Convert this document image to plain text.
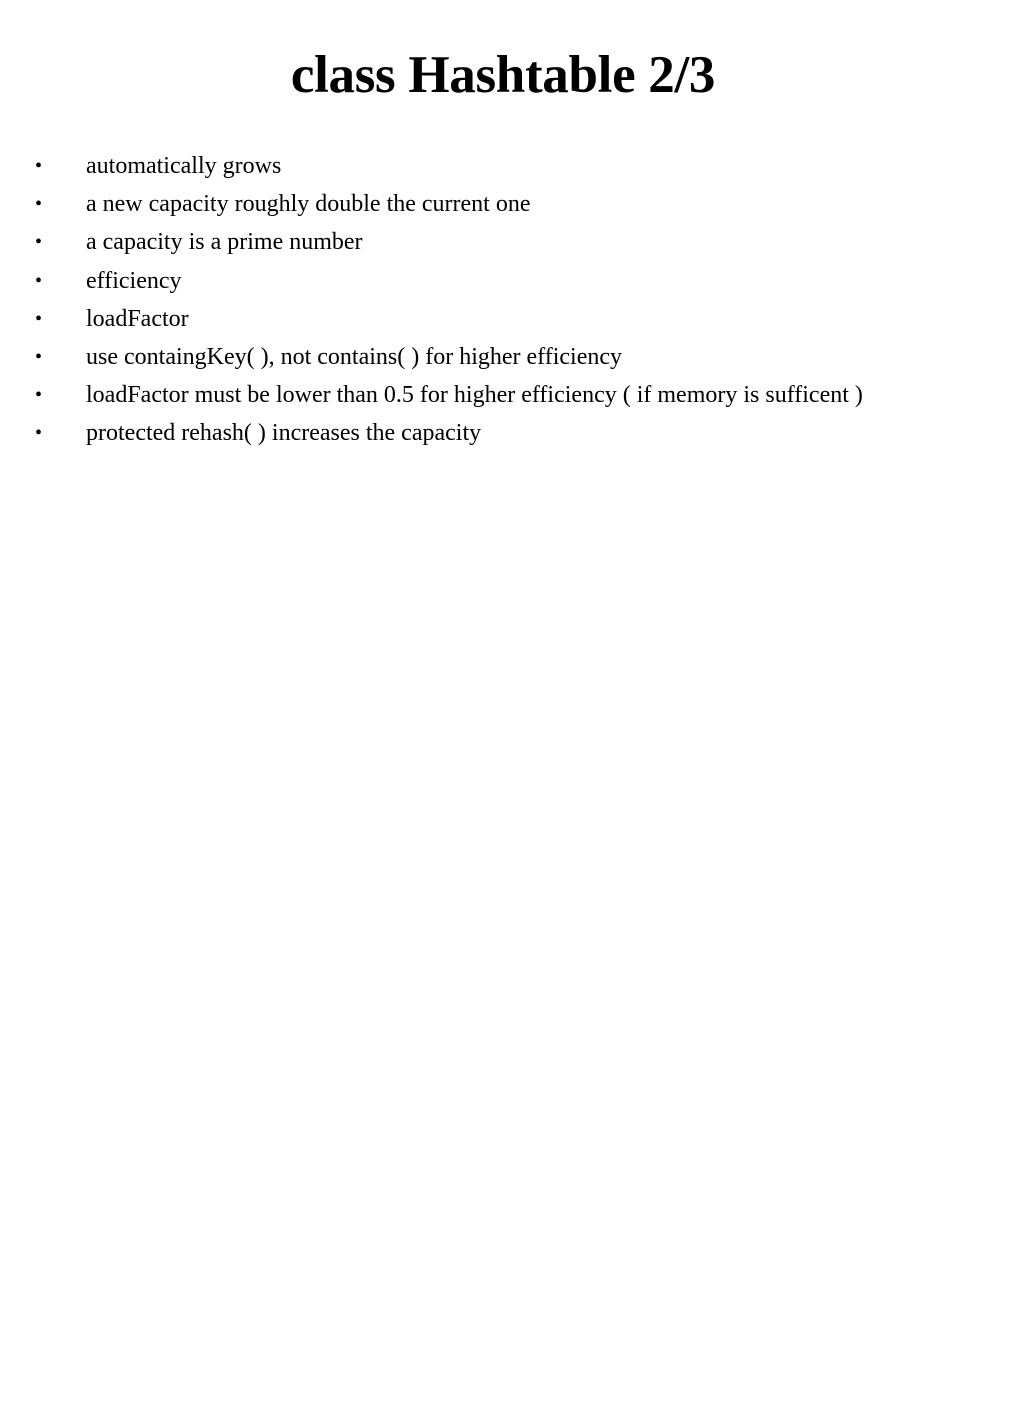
class Hashtable 2/3
• automatically grows
• a new capacity roughly double the current one
• a capacity is a prime number
• efficiency
• loadFactor
• use containgKey( ), not contains( ) for higher efficiency
• loadFactor must be lower than 0.5 for higher efficiency ( if memory is sufficent )
• protected rehash( ) increases the capacity
